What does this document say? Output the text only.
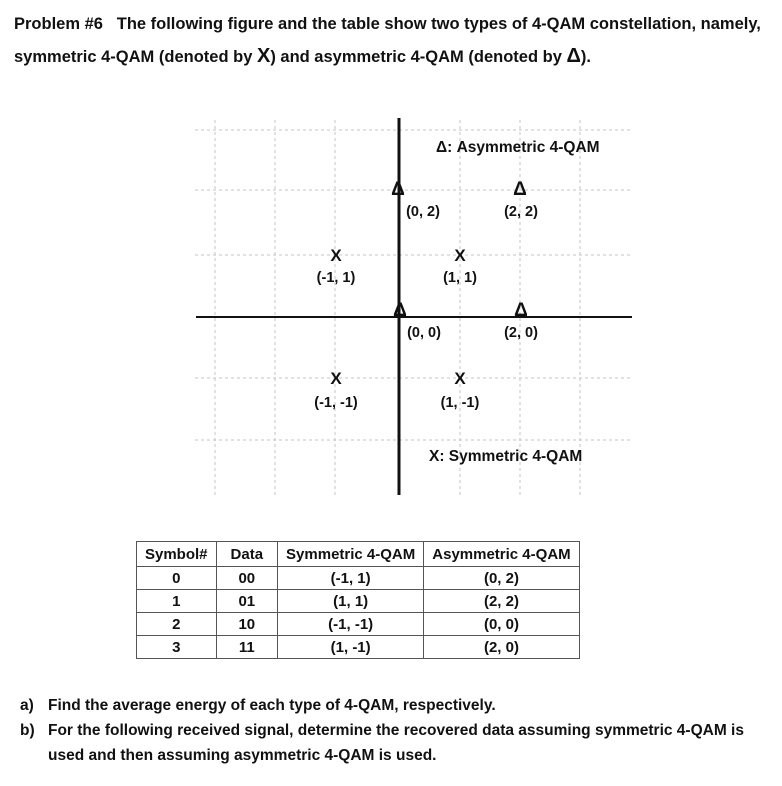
Problem #6 The following figure and the table show two types of 4-QAM constellation, namely, symmetric 4-QAM (denoted by X) and asymmetric 4-QAM (denoted by Δ).
Δ: Asymmetric 4-QAM
X: Symmetric 4-QAM
X
(-1, 1)
X
(1, 1)
X
(-1, -1)
X
(1, -1)
Δ
(0, 2)
Δ
(2, 2)
Δ
(0, 0)
Δ
(2, 0)
Symbol#	Data	Symmetric 4-QAM	Asymmetric 4-QAM
0	00	(-1, 1)	(0, 2)
1	01	(1, 1)	(2, 2)
2	10	(-1, -1)	(0, 0)
3	11	(1, -1)	(2, 0)
a) Find the average energy of each type of 4-QAM, respectively.
b) For the following received signal, determine the recovered data assuming symmetric 4-QAM is used and then assuming asymmetric 4-QAM is used.
